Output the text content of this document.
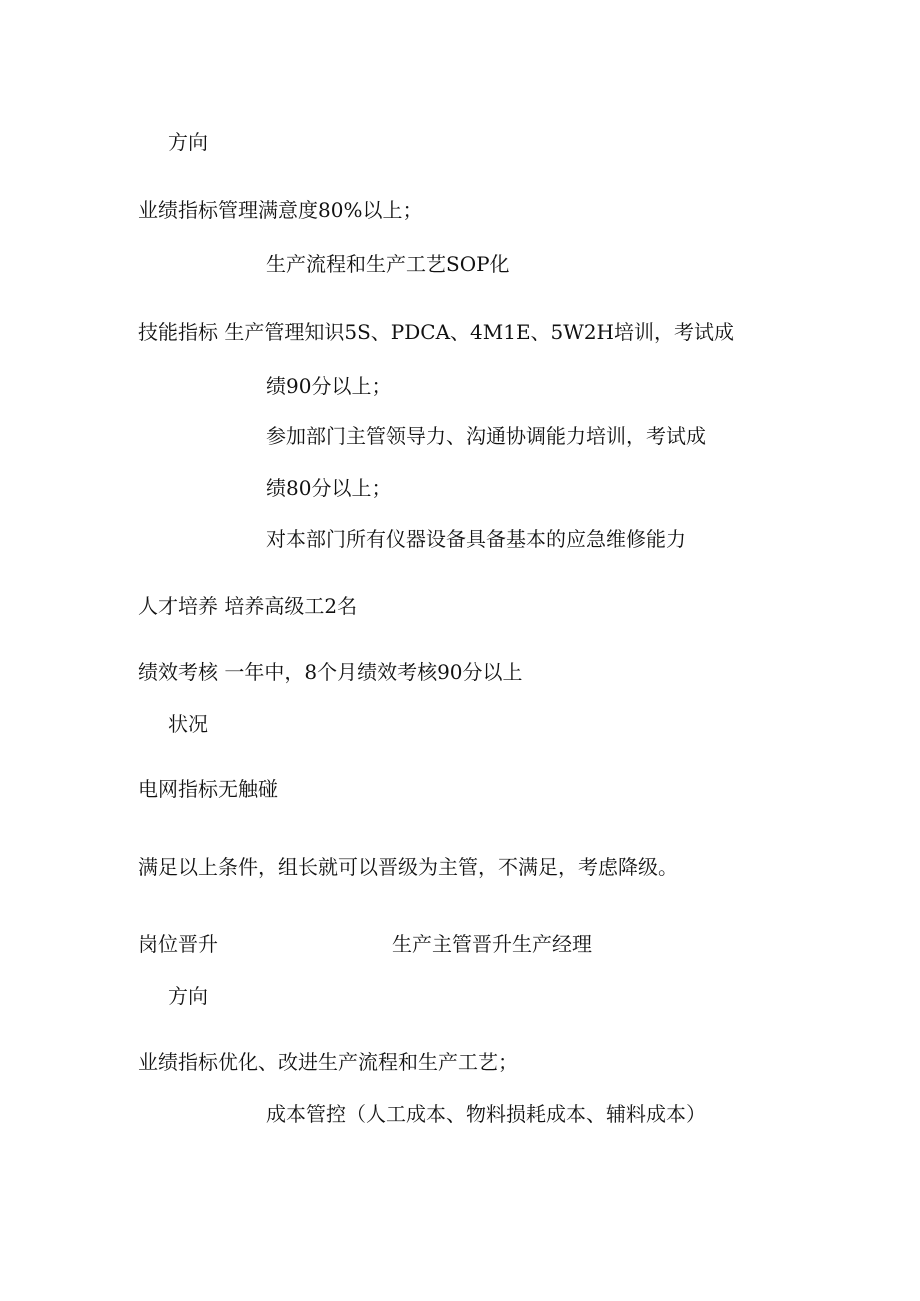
方向
业绩指标管理满意度80%以上；
生产流程和生产工艺SOP化
技能指标 生产管理知识5S、PDCA、4M1E、5W2H培训，考试成
绩90分以上；
参加部门主管领导力、沟通协调能力培训，考试成
绩80分以上；
对本部门所有仪器设备具备基本的应急维修能力
人才培养 培养高级工2名
绩效考核 一年中，8个月绩效考核90分以上
状况
电网指标无触碰
满足以上条件，组长就可以晋级为主管，不满足，考虑降级。
岗位晋升	生产主管晋升生产经理
方向
业绩指标优化、改进生产流程和生产工艺；
成本管控（人工成本、物料损耗成本、辅料成本）
